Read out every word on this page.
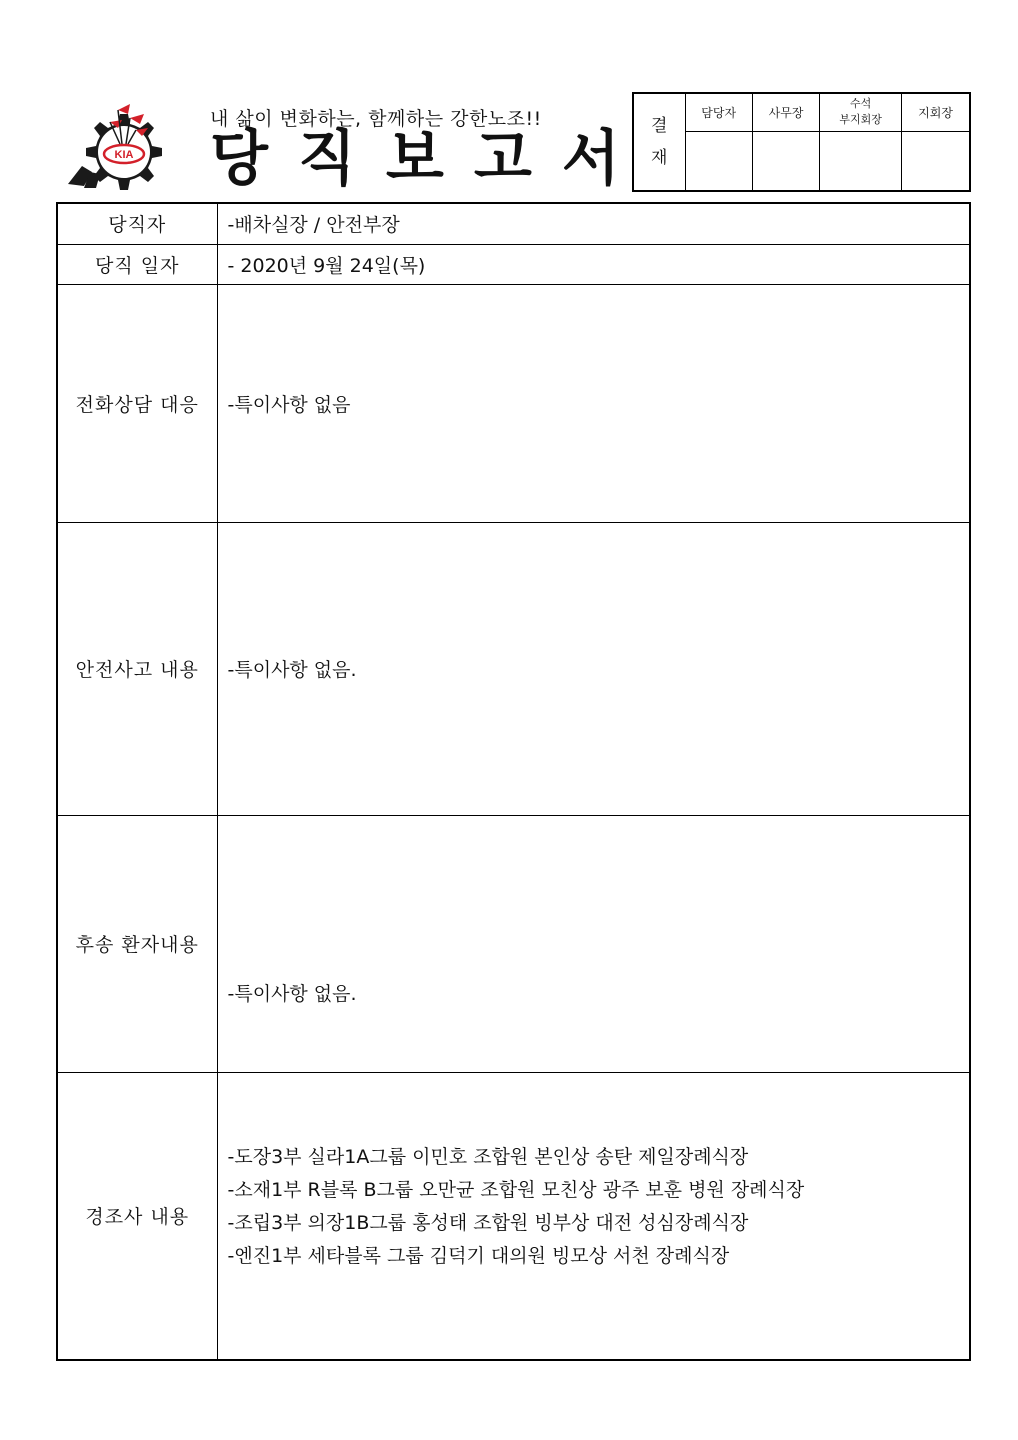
KIA
내 삶이 변화하는, 함께하는 강한노조!!
당직보고서 결
재	담당자	사무장	수석
부지회장	지회장

당직자	-배차실장 / 안전부장
당직 일자	- 2020년 9월 24일(목)
전화상담 대응	-특이사항 없음
안전사고 내용	-특이사항 없음.
후송 환자내용	-특이사항 없음.

경조사 내용	-도장3부 실라1A그룹 이민호 조합원 본인상 송탄 제일장례식장
-소재1부 R블록 B그룹 오만균 조합원 모친상 광주 보훈 병원 장례식장
-조립3부 의장1B그룹 홍성태 조합원 빙부상 대전 성심장례식장
-엔진1부 세타블록 그룹 김덕기 대의원 빙모상 서천 장례식장
